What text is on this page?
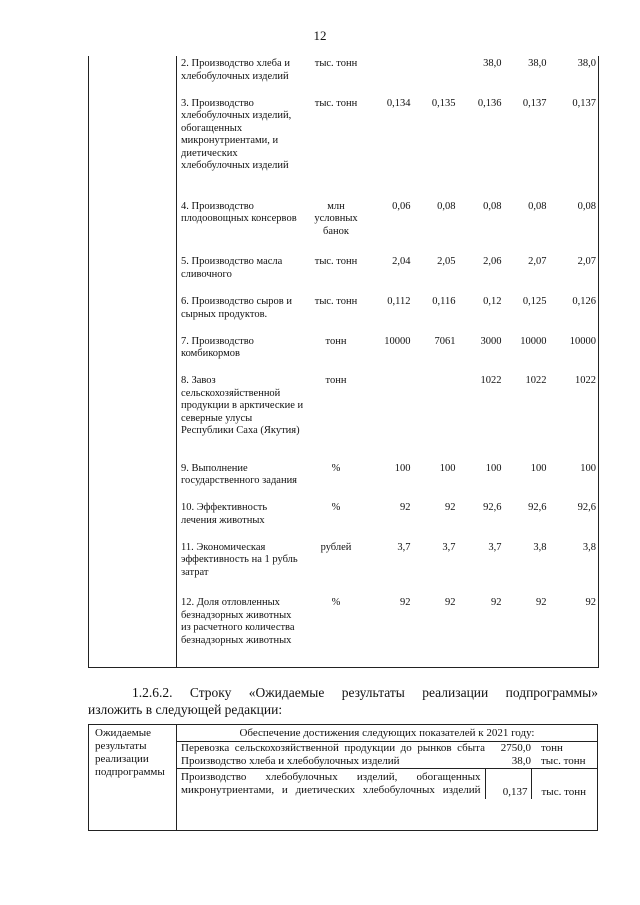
12
	2. Производство хлеба и хлебобулочных изделий	тыс. тонн			38,0	38,0	38,0
	3. Производство хлебобулочных изделий, обогащенных микронутриентами, и диетических хлебобулочных изделий	тыс. тонн	0,134	0,135	0,136	0,137	0,137
	4. Производство плодоовощных консервов	млн условных банок	0,06	0,08	0,08	0,08	0,08
	5. Производство масла сливочного	тыс. тонн	2,04	2,05	2,06	2,07	2,07
	6. Производство сыров и сырных продуктов.	тыс. тонн	0,112	0,116	0,12	0,125	0,126
	7. Производство комбикормов	тонн	10000	7061	3000	10000	10000
	8. Завоз сельскохозяйственной продукции в арктические и северные улусы Республики Саха (Якутия)	тонн			1022	1022	1022
	9. Выполнение государственного задания	%	100	100	100	100	100
	10. Эффективность лечения животных	%	92	92	92,6	92,6	92,6
	11. Экономическая эффективность на 1 рубль затрат	рублей	3,7	3,7	3,7	3,8	3,8
	12. Доля отловленных безнадзорных животных из расчетного количества безнадзорных животных	%	92	92	92	92	92
1.2.6.2. Строку «Ожидаемые результаты реализации подпрограммы»
изложить в следующей редакции:
Ожидаемые результаты реализации подпрограммы	
Обеспечение достижения следующих показателей к 2021 году:
Перевозка сельскохозяйственной продукции до рынков сбыта	2750,0	тонн
Производство хлеба и хлебобулочных изделий	38,0	тыс. тонн
Производство хлебобулочных изделий, обогащенных микронутриентами, и диетических хлебобулочных изделий	0,137	тыс. тонн
